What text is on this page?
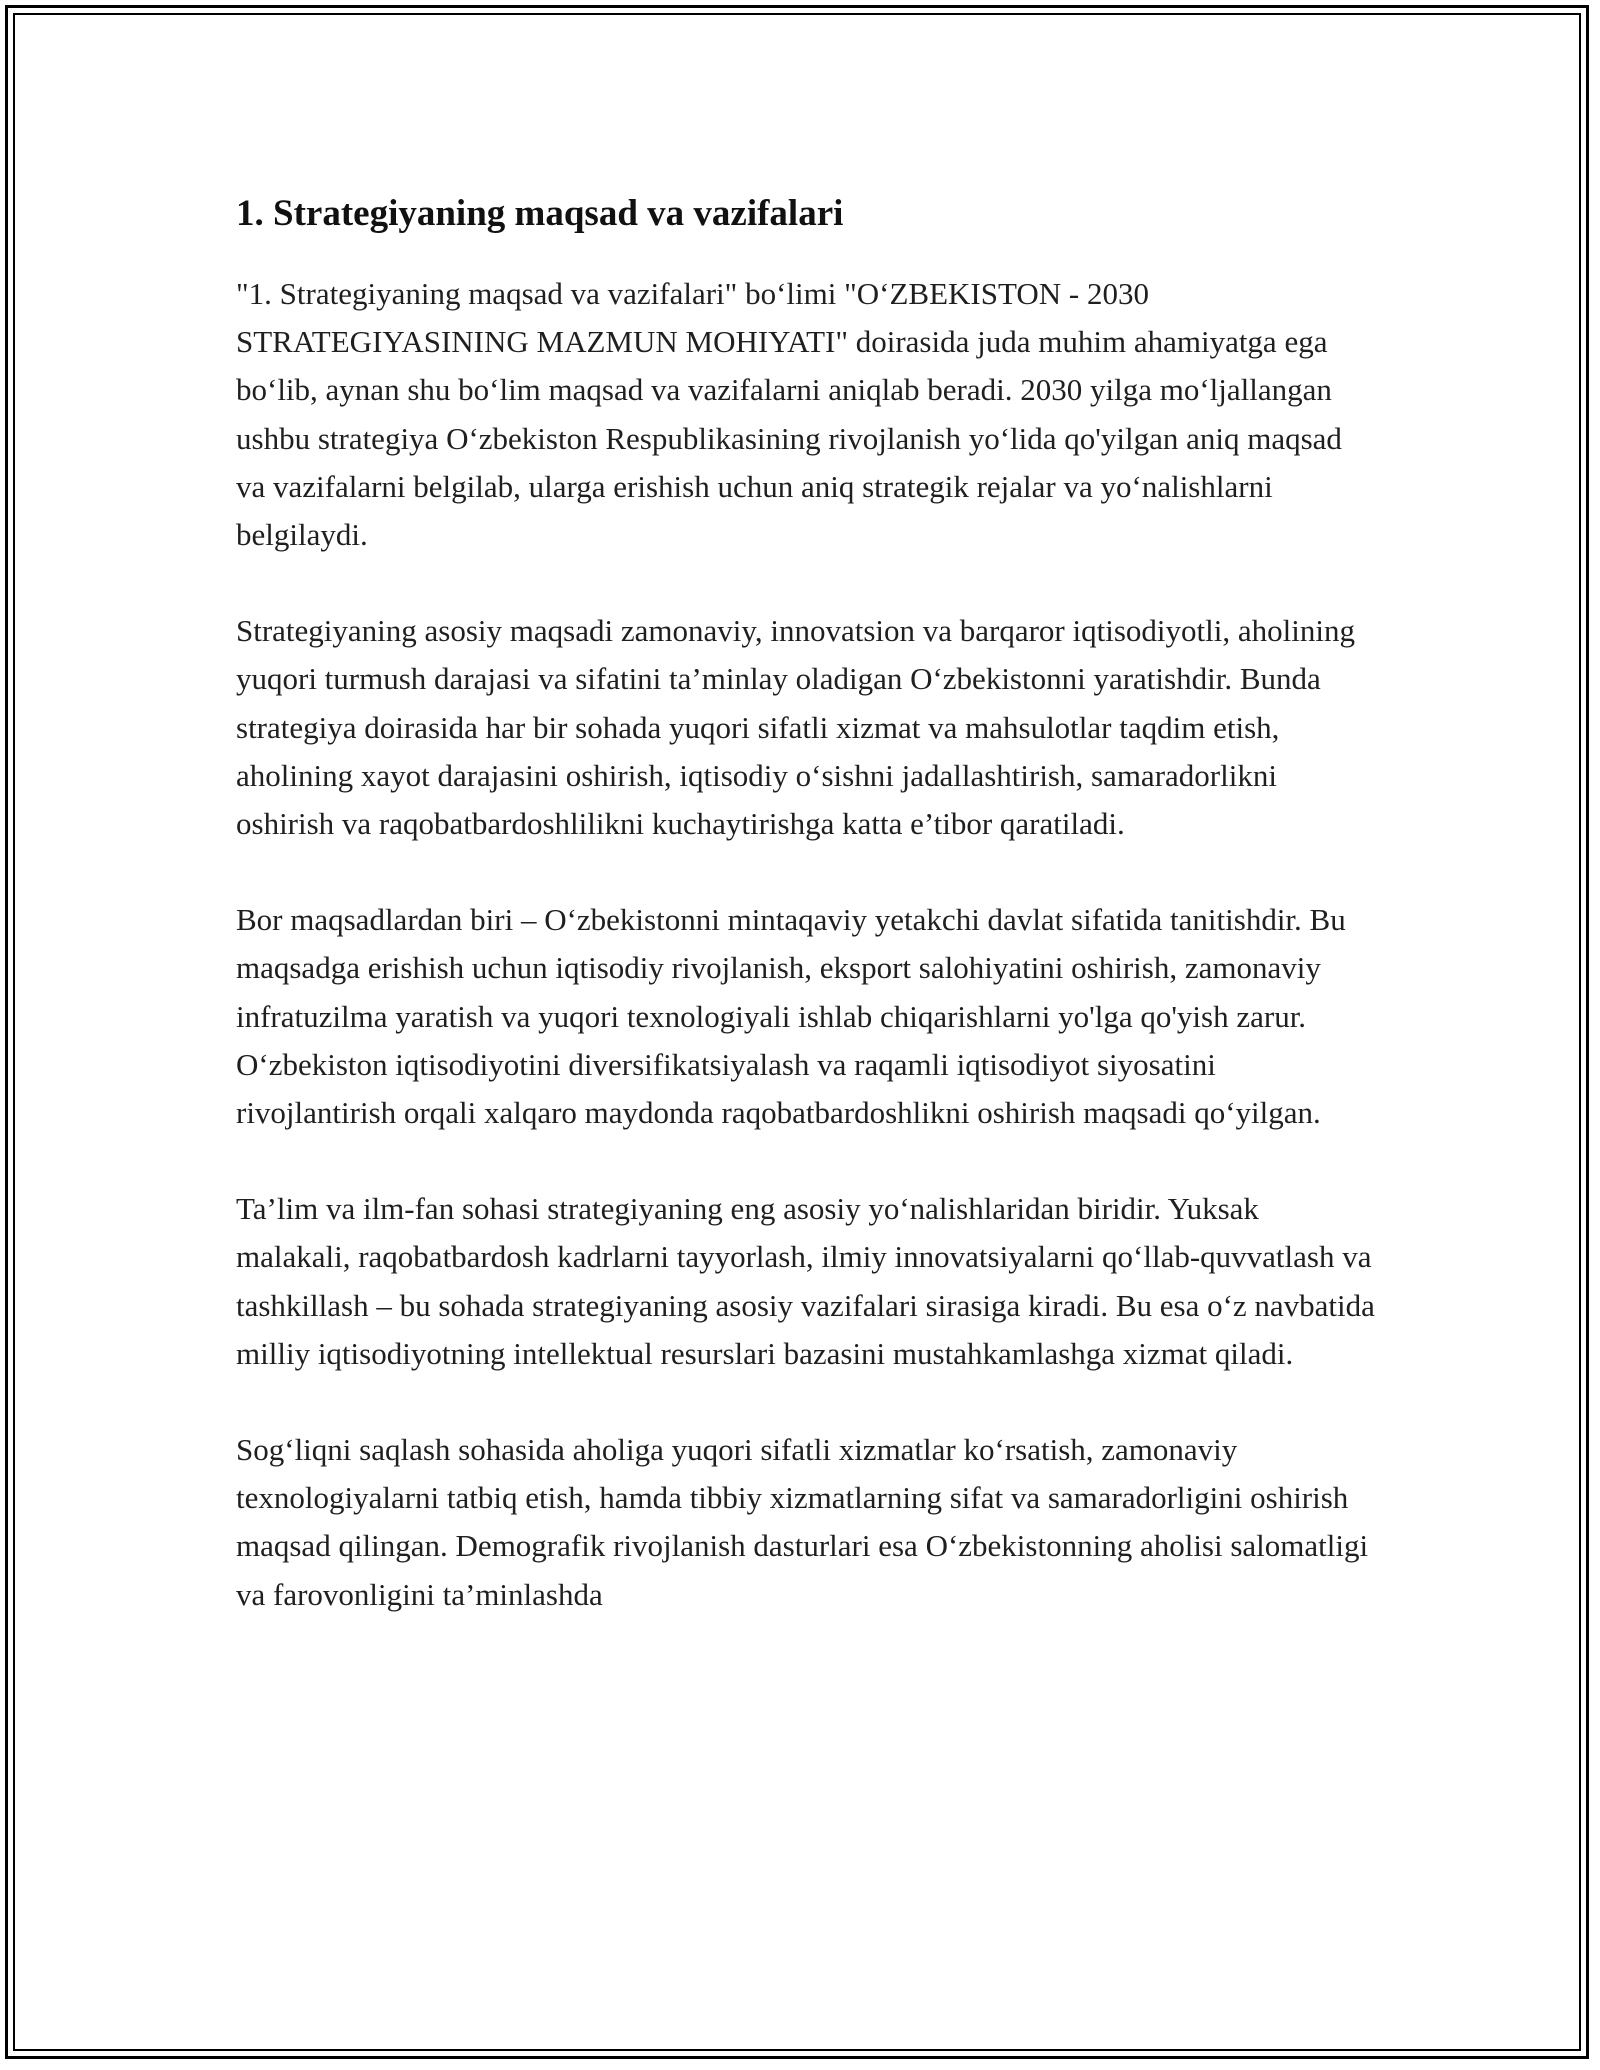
1. Strategiyaning maqsad va vazifalari

"1. Strategiyaning maqsad va vazifalari" bo‘limi "O‘ZBEKISTON - 2030 STRATEGIYASINING MAZMUN MOHIYATI" doirasida juda muhim ahamiyatga ega bo‘lib, aynan shu bo‘lim maqsad va vazifalarni aniqlab beradi. 2030 yilga mo‘ljallangan ushbu strategiya O‘zbekiston Respublikasining rivojlanish yo‘lida qo'yilgan aniq maqsad va vazifalarni belgilab, ularga erishish uchun aniq strategik rejalar va yo‘nalishlarni belgilaydi.

Strategiyaning asosiy maqsadi zamonaviy, innovatsion va barqaror iqtisodiyotli, aholining yuqori turmush darajasi va sifatini ta’minlay oladigan O‘zbekistonni yaratishdir. Bunda strategiya doirasida har bir sohada yuqori sifatli xizmat va mahsulotlar taqdim etish, aholining xayot darajasini oshirish, iqtisodiy o‘sishni jadallashtirish, samaradorlikni oshirish va raqobatbardoshlilikni kuchaytirishga katta e’tibor qaratiladi.

Bor maqsadlardan biri – O‘zbekistonni mintaqaviy yetakchi davlat sifatida tanitishdir. Bu maqsadga erishish uchun iqtisodiy rivojlanish, eksport salohiyatini oshirish, zamonaviy infratuzilma yaratish va yuqori texnologiyali ishlab chiqarishlarni yo'lga qo'yish zarur. O‘zbekiston iqtisodiyotini diversifikatsiyalash va raqamli iqtisodiyot siyosatini rivojlantirish orqali xalqaro maydonda raqobatbardoshlikni oshirish maqsadi qo‘yilgan.

Ta’lim va ilm-fan sohasi strategiyaning eng asosiy yo‘nalishlaridan biridir. Yuksak malakali, raqobatbardosh kadrlarni tayyorlash, ilmiy innovatsiyalarni qo‘llab-quvvatlash va tashkillash – bu sohada strategiyaning asosiy vazifalari sirasiga kiradi. Bu esa o‘z navbatida milliy iqtisodiyotning intellektual resurslari bazasini mustahkamlashga xizmat qiladi.

Sog‘liqni saqlash sohasida aholiga yuqori sifatli xizmatlar ko‘rsatish, zamonaviy texnologiyalarni tatbiq etish, hamda tibbiy xizmatlarning sifat va samaradorligini oshirish maqsad qilingan. Demografik rivojlanish dasturlari esa O‘zbekistonning aholisi salomatligi va farovonligini ta’minlashda
